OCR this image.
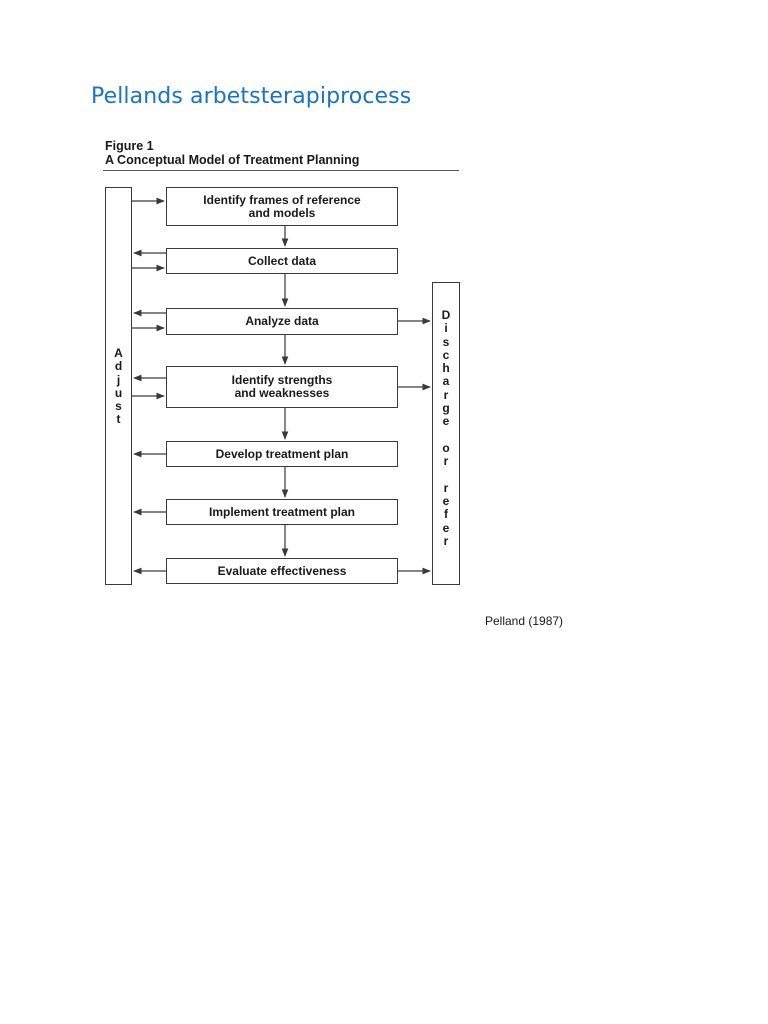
Pellands arbetsterapiprocess
Figure 1
A Conceptual Model of Treatment Planning
A
d
j
u
s
t
D
i
s
c
h
a
r
g
e

o
r

r
e
f
e
r
Identify frames of reference
and models
Collect data
Analyze data
Identify strengths
and weaknesses
Develop treatment plan
Implement treatment plan
Evaluate effectiveness
Pelland (1987)
